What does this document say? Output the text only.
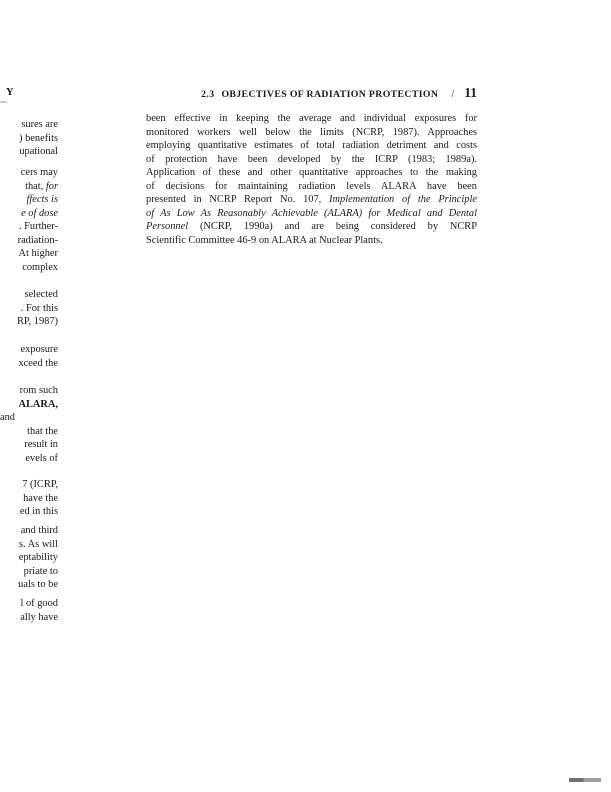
Y	2.3 OBJECTIVES OF RADIATION PROTECTION / 11
sures are
) benefits
upational
cers may
that, for
ffects is
e of dose
. Further-
radiation-
At higher
complex
selected
. For this
RP, 1987)
exposure
xceed the
rom such
ALARA,
and
that the
result in
evels of
7 (ICRP,
have the
ed in this
and third
s. As will
eptability
priate to
uals to be
l of good
ally have
been effective in keeping the average and individual exposures for
monitored workers well below the limits (NCRP, 1987). Approaches
employing quantitative estimates of total radiation detriment and costs
of protection have been developed by the ICRP (1983; 1989a).
Application of these and other quantitative approaches to the making
of decisions for maintaining radiation levels ALARA have been
presented in NCRP Report No. 107, Implementation of the Principle
of As Low As Reasonably Achievable (ALARA) for Medical and Dental
Personnel (NCRP, 1990a) and are being considered by NCRP
Scientific Committee 46-9 on ALARA at Nuclear Plants.
